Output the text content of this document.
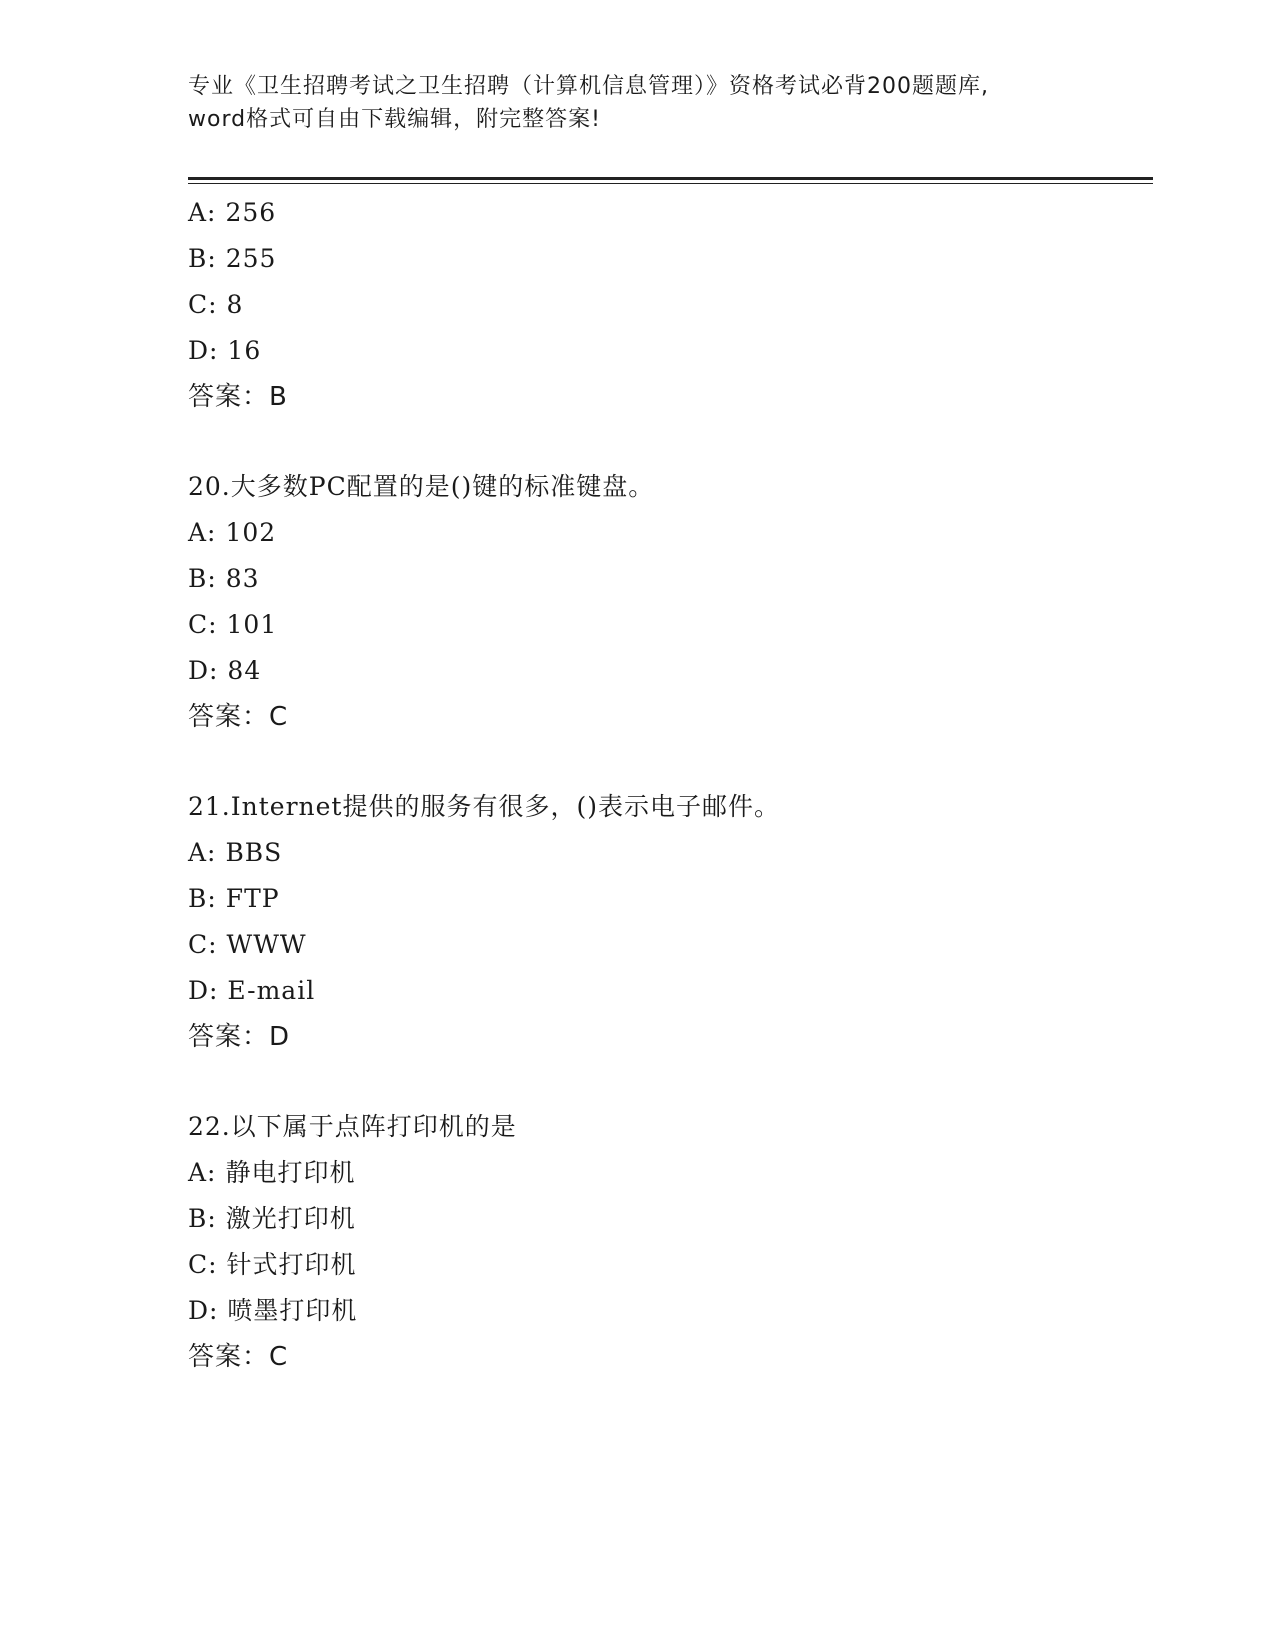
专业《卫生招聘考试之卫生招聘（计算机信息管理）》资格考试必背200题题库,
word格式可自由下载编辑，附完整答案!
A: 256
B: 255
C: 8
D: 16
答案：B
20.大多数PC配置的是()键的标准键盘。
A: 102
B: 83
C: 101
D: 84
答案：C
21.Internet提供的服务有很多，()表示电子邮件。
A: BBS
B: FTP
C: WWW
D: E-mail
答案：D
22.以下属于点阵打印机的是
A: 静电打印机
B: 激光打印机
C: 针式打印机
D: 喷墨打印机
答案：C
